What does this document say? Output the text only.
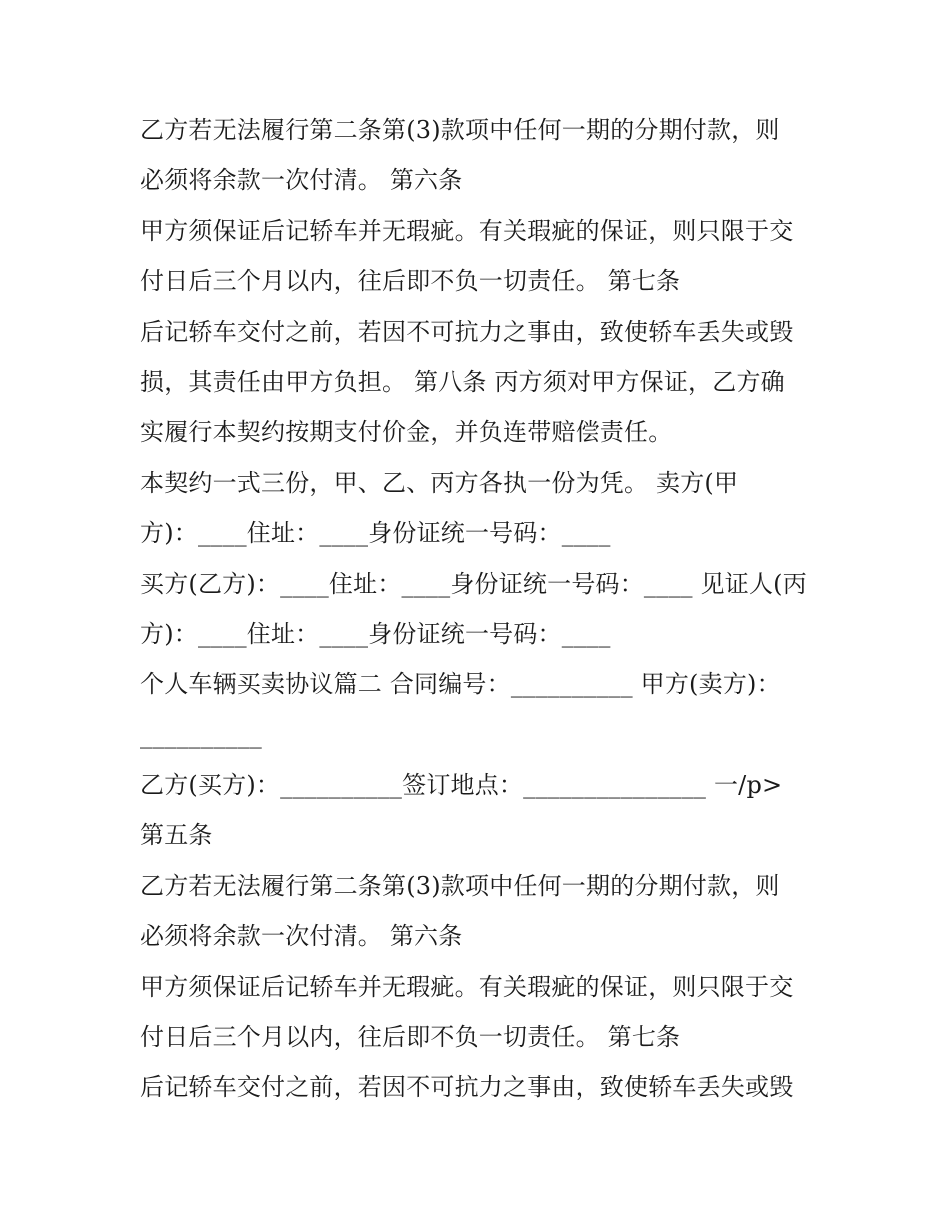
乙方若无法履行第二条第(3)款项中任何一期的分期付款，则
必须将余款一次付清。 第六条
甲方须保证后记轿车并无瑕疵。有关瑕疵的保证，则只限于交
付日后三个月以内，往后即不负一切责任。 第七条
后记轿车交付之前，若因不可抗力之事由，致使轿车丢失或毁
损，其责任由甲方负担。 第八条 丙方须对甲方保证，乙方确
实履行本契约按期支付价金，并负连带赔偿责任。
本契约一式三份，甲、乙、丙方各执一份为凭。 卖方(甲
方)：____住址：____身份证统一号码：____
买方(乙方)：____住址：____身份证统一号码：____ 见证人(丙
方)：____住址：____身份证统一号码：____
个人车辆买卖协议篇二 合同编号：__________ 甲方(卖方)：
__________
乙方(买方)：__________签订地点：_______________ 一/p>
第五条
乙方若无法履行第二条第(3)款项中任何一期的分期付款，则
必须将余款一次付清。 第六条
甲方须保证后记轿车并无瑕疵。有关瑕疵的保证，则只限于交
付日后三个月以内，往后即不负一切责任。 第七条
后记轿车交付之前，若因不可抗力之事由，致使轿车丢失或毁
